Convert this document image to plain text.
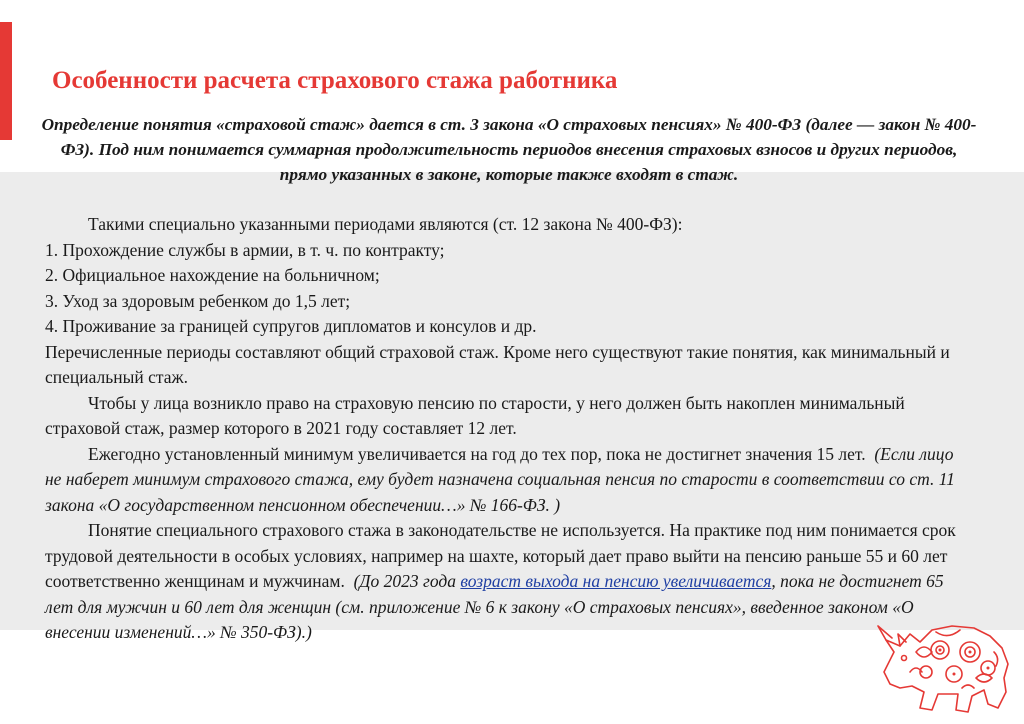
Особенности расчета страхового стажа работника

Определение понятия «страховой стаж» дается в ст. 3 закона «О страховых пенсиях» № 400-ФЗ (далее — закон № 400-ФЗ). Под ним понимается суммарная продолжительность периодов внесения страховых взносов и других периодов, прямо указанных в законе, которые также входят в стаж.

Такими специально указанными периодами являются (ст. 12 закона № 400-ФЗ):

1. Прохождение службы в армии, в т. ч. по контракту;
2. Официальное нахождение на больничном;
3. Уход за здоровым ребенком до 1,5 лет;
4. Проживание за границей супругов дипломатов и консулов и др.

Перечисленные периоды составляют общий страховой стаж. Кроме него существуют такие понятия, как минимальный и специальный стаж.

Чтобы у лица возникло право на страховую пенсию по старости, у него должен быть накоплен минимальный страховой стаж, размер которого в 2021 году составляет 12 лет.

Ежегодно установленный минимум увеличивается на год до тех пор, пока не достигнет значения 15 лет. (Если лицо не наберет минимум страхового стажа, ему будет назначена социальная пенсия по старости в соответствии со ст. 11 закона «О государственном пенсионном обеспечении…» № 166-ФЗ. )

Понятие специального страхового стажа в законодательстве не используется. На практике под ним понимается срок трудовой деятельности в особых условиях, например на шахте, который дает право выйти на пенсию раньше 55 и 60 лет соответственно женщинам и мужчинам. (До 2023 года возраст выхода на пенсию увеличивается, пока не достигнет 65 лет для мужчин и 60 лет для женщин (см. приложение № 6 к закону «О страховых пенсиях», введенное законом «О внесении изменений…» № 350-ФЗ).)
